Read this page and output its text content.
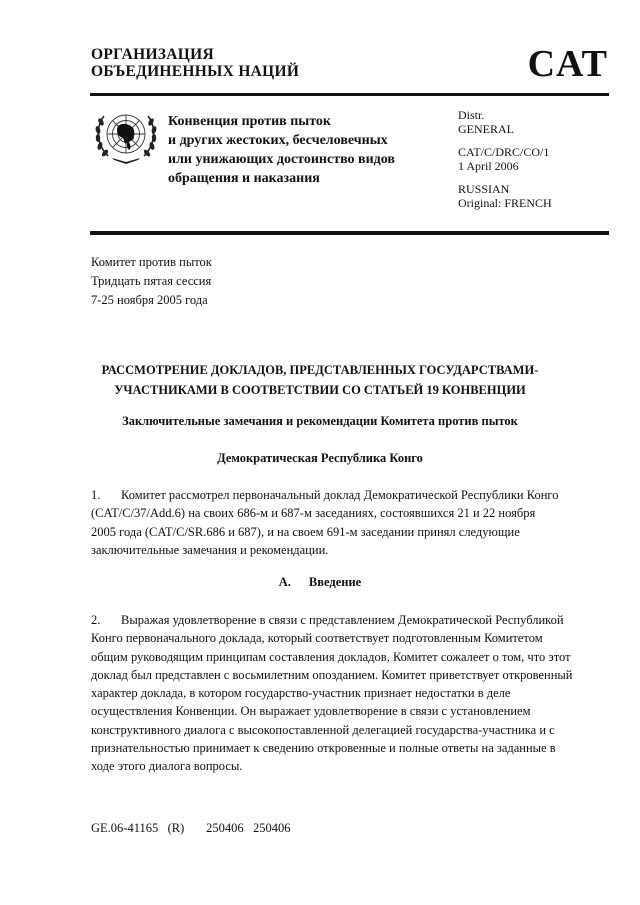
ОРГАНИЗАЦИЯ
ОБЪЕДИНЕННЫХ НАЦИЙ	CAT
Конвенция против пыток
и других жестоких, бесчеловечных
или унижающих достоинство видов
обращения и наказания
Distr.
GENERAL
CAT/C/DRC/CO/1
1 April 2006
RUSSIAN
Original: FRENCH
Комитет против пыток
Тридцать пятая сессия
7-25 ноября 2005 года
РАССМОТРЕНИЕ ДОКЛАДОВ, ПРЕДСТАВЛЕННЫХ ГОСУДАРСТВАМИ-
УЧАСТНИКАМИ В СООТВЕТСТВИИ СО СТАТЬЕЙ 19 КОНВЕНЦИИ
Заключительные замечания и рекомендации Комитета против пыток
Демократическая Республика Конго
1. Комитет рассмотрел первоначальный доклад Демократической Республики Конго
(CAT/C/37/Add.6) на своих 686-м и 687-м заседаниях, состоявшихся 21 и 22 ноября
2005 года (CAT/C/SR.686 и 687), и на своем 691-м заседании принял следующие
заключительные замечания и рекомендации.
A. Введение
2. Выражая удовлетворение в связи с представлением Демократической Республикой
Конго первоначального доклада, который соответствует подготовленным Комитетом
общим руководящим принципам составления докладов, Комитет сожалеет о том, что этот
доклад был представлен с восьмилетним опозданием. Комитет приветствует откровенный
характер доклада, в котором государство-участник признает недостатки в деле
осуществления Конвенции. Он выражает удовлетворение в связи с установлением
конструктивного диалога с высокопоставленной делегацией государства-участника и с
признательностью принимает к сведению откровенные и полные ответы на заданные в
ходе этого диалога вопросы.
GE.06-41165   (R)       250406   250406
